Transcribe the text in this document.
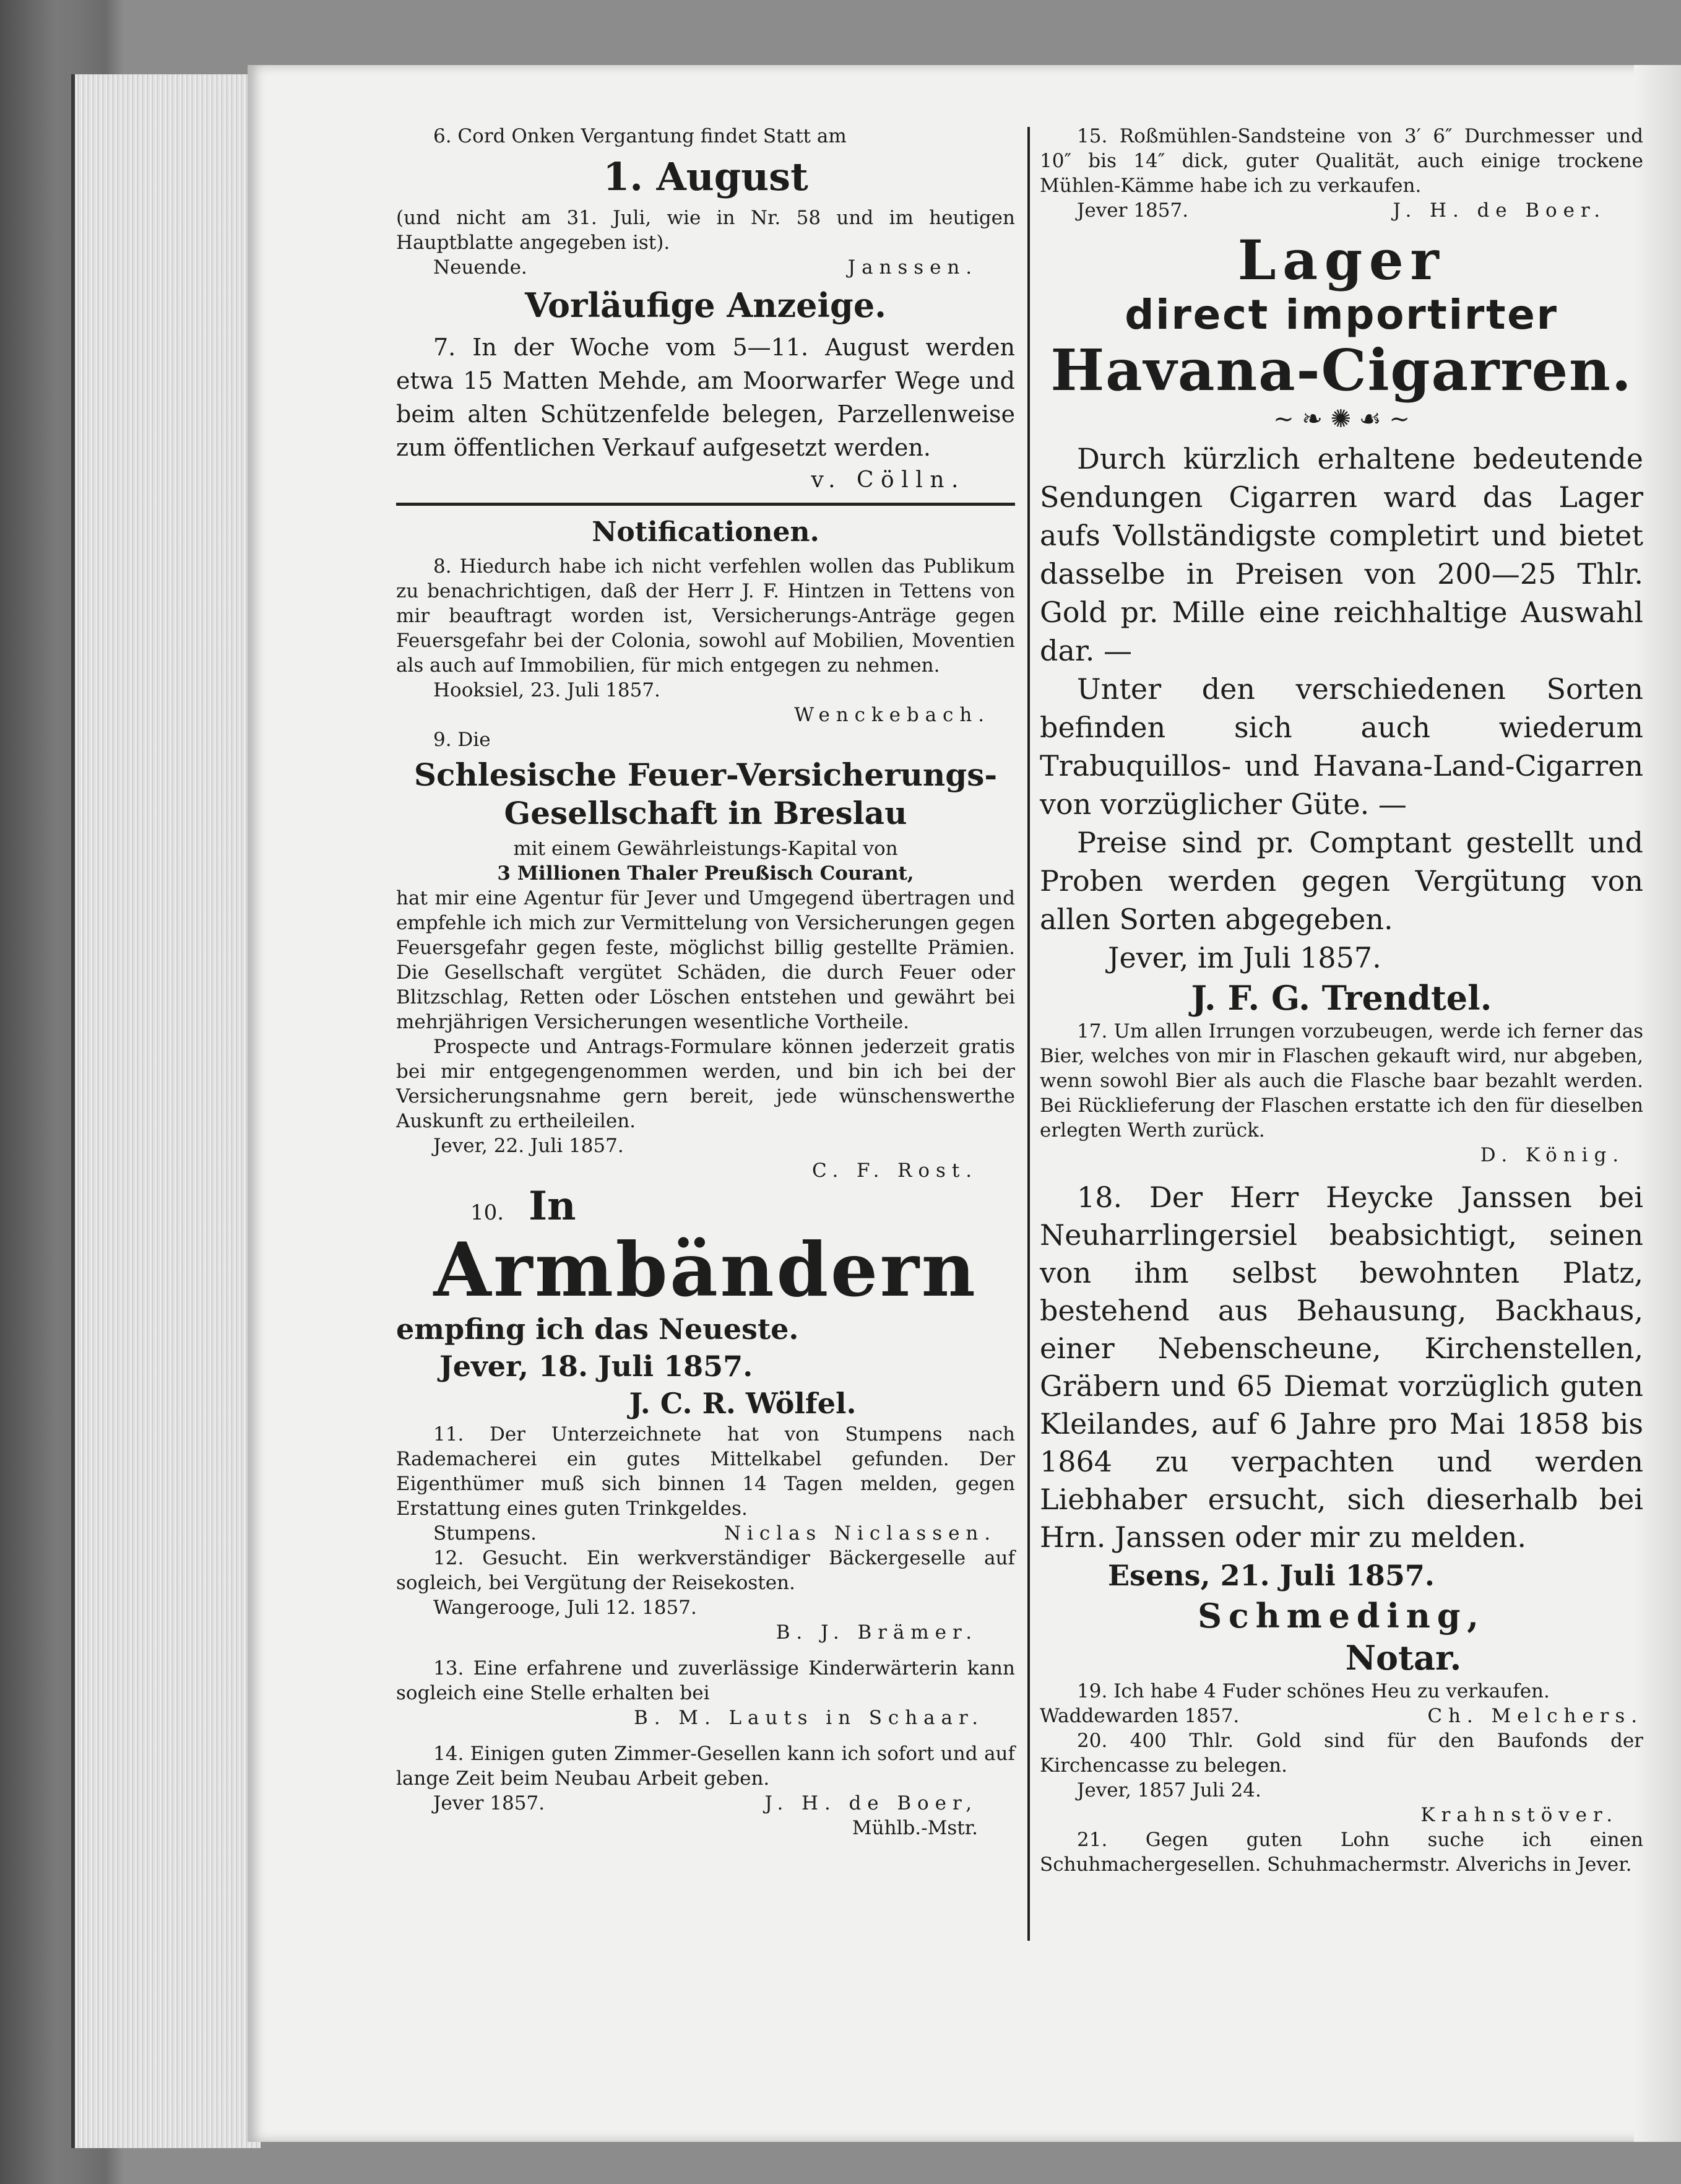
6. Cord Onken Vergantung findet Statt am

1. August

(und nicht am 31. Juli, wie in Nr. 58 und im heutigen Hauptblatte angegeben ist).

Neuende.	Janssen.

Vorläufige Anzeige.

7. In der Woche vom 5—11. August werden etwa 15 Matten Mehde, am Moorwarfer Wege und beim alten Schützenfelde belegen, Parzellenweise zum öffentlichen Verkauf aufgesetzt werden.

v. Cölln.

Notificationen.

8. Hiedurch habe ich nicht verfehlen wollen das Publikum zu benachrichtigen, daß der Herr J. F. Hintzen in Tettens von mir beauftragt worden ist, Versicherungs-Anträge gegen Feuersgefahr bei der Colonia, sowohl auf Mobilien, Moventien als auch auf Immobilien, für mich entgegen zu nehmen.

Hooksiel, 23. Juli 1857.

Wenckebach.

9. Die

Schlesische Feuer-Versicherungs-Gesellschaft in Breslau

mit einem Gewährleistungs-Kapital von

3 Millionen Thaler Preußisch Courant,

hat mir eine Agentur für Jever und Umgegend übertragen und empfehle ich mich zur Vermittelung von Versicherungen gegen Feuersgefahr gegen feste, möglichst billig gestellte Prämien. Die Gesellschaft vergütet Schäden, die durch Feuer oder Blitzschlag, Retten oder Löschen entstehen und gewährt bei mehrjährigen Versicherungen wesentliche Vortheile.

Prospecte und Antrags-Formulare können jederzeit gratis bei mir entgegengenommen werden, und bin ich bei der Versicherungsnahme gern bereit, jede wünschenswerthe Auskunft zu ertheileilen.

Jever, 22. Juli 1857.

C. F. Rost.

10. In

Armbändern

empfing ich das Neueste.

Jever, 18. Juli 1857.

J. C. R. Wölfel.

11. Der Unterzeichnete hat von Stumpens nach Rademacherei ein gutes Mittelkabel gefunden. Der Eigenthümer muß sich binnen 14 Tagen melden, gegen Erstattung eines guten Trinkgeldes.

Stumpens.	Niclas Niclassen.

12. Gesucht. Ein werkverständiger Bäckergeselle auf sogleich, bei Vergütung der Reisekosten.

Wangerooge, Juli 12. 1857.

B. J. Brämer.

13. Eine erfahrene und zuverlässige Kinderwärterin kann sogleich eine Stelle erhalten bei

B. M. Lauts in Schaar.

14. Einigen guten Zimmer-Gesellen kann ich sofort und auf lange Zeit beim Neubau Arbeit geben.

Jever 1857.	J. H. de Boer,

Mühlb.-Mstr.

15. Roßmühlen-Sandsteine von 3′ 6″ Durchmesser und 10″ bis 14″ dick, guter Qualität, auch einige trockene Mühlen-Kämme habe ich zu verkaufen.

Jever 1857.	J. H. de Boer.

Lager

direct importirter

Havana-Cigarren.

~ ❧ ✺ ☙ ~

Durch kürzlich erhaltene bedeutende Sendungen Cigarren ward das Lager aufs Vollständigste completirt und bietet dasselbe in Preisen von 200—25 Thlr. Gold pr. Mille eine reichhaltige Auswahl dar. —

Unter den verschiedenen Sorten befinden sich auch wiederum Trabuquillos- und Havana-Land-Cigarren von vorzüglicher Güte. —

Preise sind pr. Comptant gestellt und Proben werden gegen Vergütung von allen Sorten abgegeben.

Jever, im Juli 1857.

J. F. G. Trendtel.

17. Um allen Irrungen vorzubeugen, werde ich ferner das Bier, welches von mir in Flaschen gekauft wird, nur abgeben, wenn sowohl Bier als auch die Flasche baar bezahlt werden. Bei Rücklieferung der Flaschen erstatte ich den für dieselben erlegten Werth zurück.

D. König.

18. Der Herr Heycke Janssen bei Neuharrlingersiel beabsichtigt, seinen von ihm selbst bewohnten Platz, bestehend aus Behausung, Backhaus, einer Nebenscheune, Kirchenstellen, Gräbern und 65 Diemat vorzüglich guten Kleilandes, auf 6 Jahre pro Mai 1858 bis 1864 zu verpachten und werden Liebhaber ersucht, sich dieserhalb bei Hrn. Janssen oder mir zu melden.

Esens, 21. Juli 1857.

Schmeding,

Notar.

19. Ich habe 4 Fuder schönes Heu zu verkaufen.

Waddewarden 1857.	Ch. Melchers.

20. 400 Thlr. Gold sind für den Baufonds der Kirchencasse zu belegen.

Jever, 1857 Juli 24.

Krahnstöver.

21. Gegen guten Lohn suche ich einen Schuhmachergesellen. Schuhmachermstr. Alverichs in Jever.
